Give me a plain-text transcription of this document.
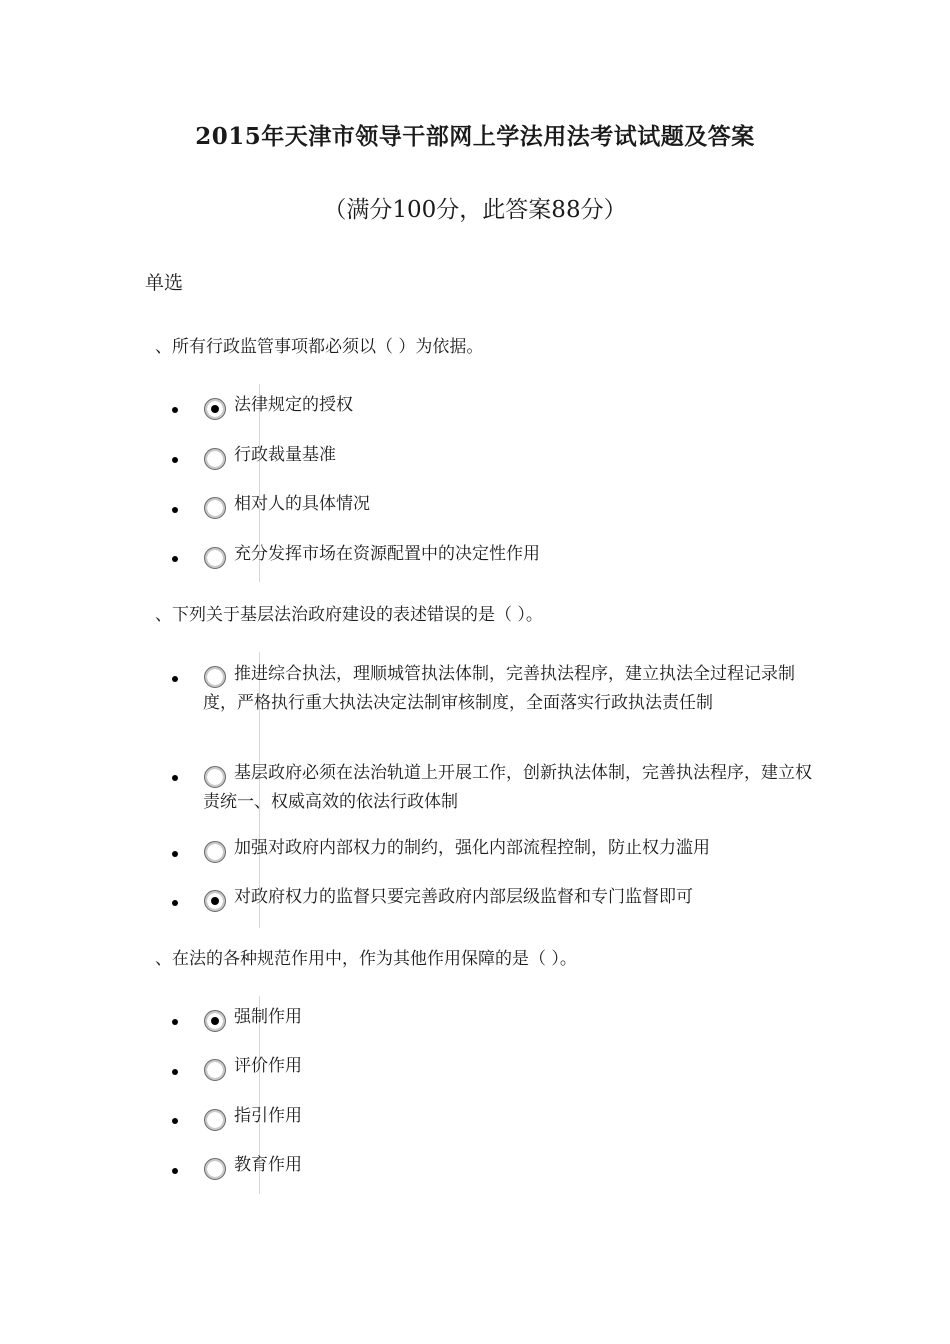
2015年天津市领导干部网上学法用法考试试题及答案
（满分100分，此答案88分）
单选
、所有行政监管事项都必须以（ ）为依据。
法律规定的授权
行政裁量基准
相对人的具体情况
充分发挥市场在资源配置中的决定性作用
、下列关于基层法治政府建设的表述错误的是（ ）。
推进综合执法，理顺城管执法体制，完善执法程序，建立执法全过程记录制度，严格执行重大执法决定法制审核制度，全面落实行政执法责任制
基层政府必须在法治轨道上开展工作，创新执法体制，完善执法程序，建立权责统一、权威高效的依法行政体制
加强对政府内部权力的制约，强化内部流程控制，防止权力滥用
对政府权力的监督只要完善政府内部层级监督和专门监督即可
、在法的各种规范作用中，作为其他作用保障的是（ ）。
强制作用
评价作用
指引作用
教育作用
